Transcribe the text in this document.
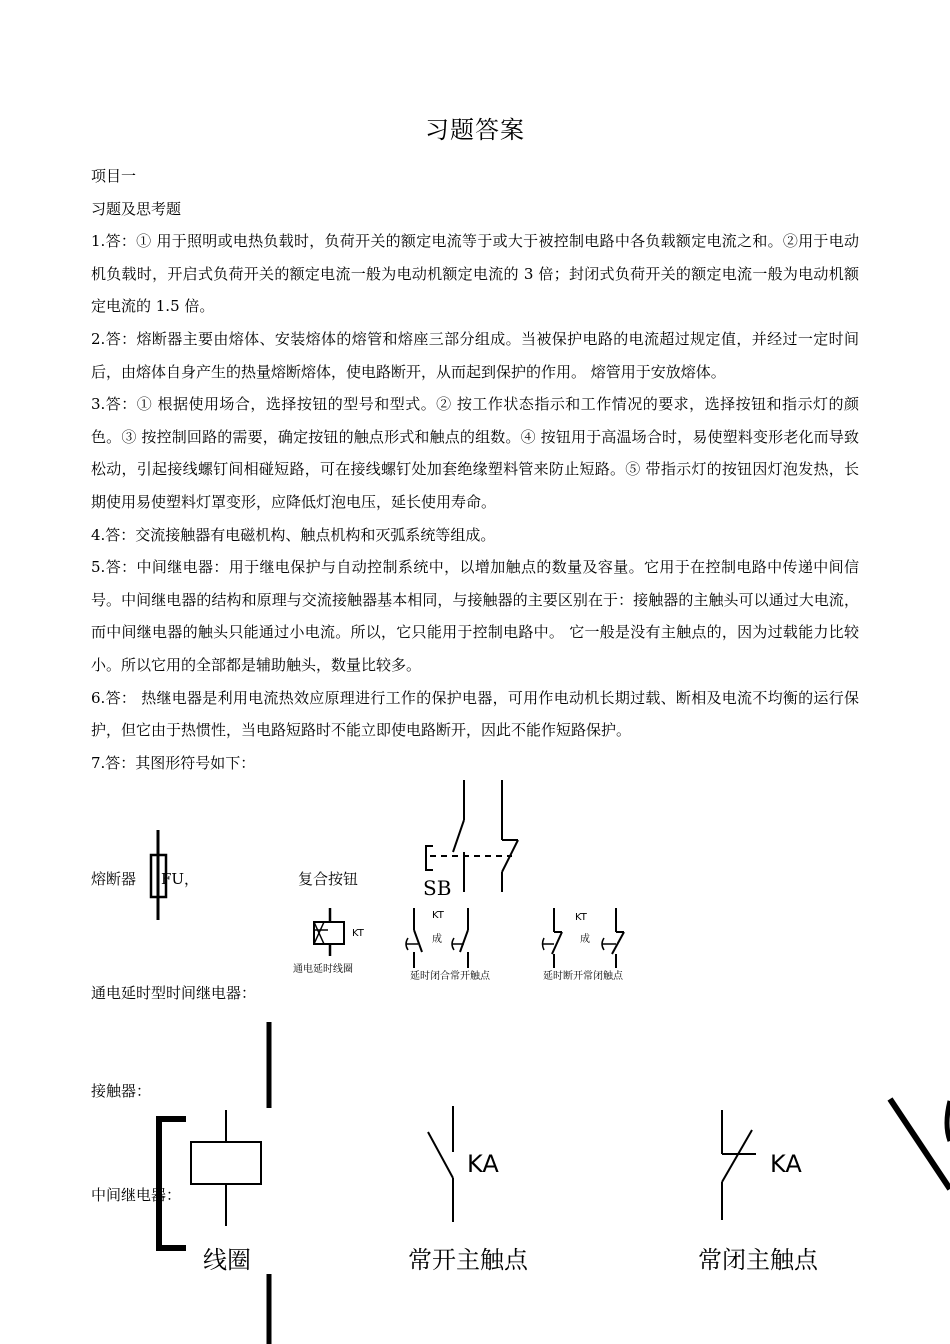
习题答案

项目一

习题及思考题

1.答：① 用于照明或电热负载时，负荷开关的额定电流等于或大于被控制电路中各负载额定电流之和。②用于电动机负载时，开启式负荷开关的额定电流一般为电动机额定电流的 3 倍；封闭式负荷开关的额定电流一般为电动机额定电流的 1.5 倍。

2.答：熔断器主要由熔体、安装熔体的熔管和熔座三部分组成。当被保护电路的电流超过规定值，并经过一定时间后，由熔体自身产生的热量熔断熔体，使电路断开，从而起到保护的作用。 熔管用于安放熔体。

3.答：① 根据使用场合，选择按钮的型号和型式。② 按工作状态指示和工作情况的要求，选择按钮和指示灯的颜色。③ 按控制回路的需要，确定按钮的触点形式和触点的组数。④ 按钮用于高温场合时，易使塑料变形老化而导致松动，引起接线螺钉间相碰短路，可在接线螺钉处加套绝缘塑料管来防止短路。⑤ 带指示灯的按钮因灯泡发热，长期使用易使塑料灯罩变形，应降低灯泡电压，延长使用寿命。

4.答：交流接触器有电磁机构、触点机构和灭弧系统等组成。

5.答：中间继电器：用于继电保护与自动控制系统中，以增加触点的数量及容量。它用于在控制电路中传递中间信号。中间继电器的结构和原理与交流接触器基本相同，与接触器的主要区别在于：接触器的主触头可以通过大电流，而中间继电器的触头只能通过小电流。所以，它只能用于控制电路中。 它一般是没有主触点的，因为过载能力比较小。所以它用的全部都是辅助触头，数量比较多。

6.答： 热继电器是利用电流热效应原理进行工作的保护电器，可用作电动机长期过载、断相及电流不均衡的运行保护，但它由于热惯性，当电路短路时不能立即使电路断开，因此不能作短路保护。

7.答：其图形符号如下：

熔断器 FU，	复合按钮	SB
KT
通电延时线圈
KT
成
延时闭合常开触点
KT
成
延时断开常闭触点
通电延时型时间继电器：
接触器：
中间继电器：
线圈
KA
常开主触点
KA
常闭主触点
